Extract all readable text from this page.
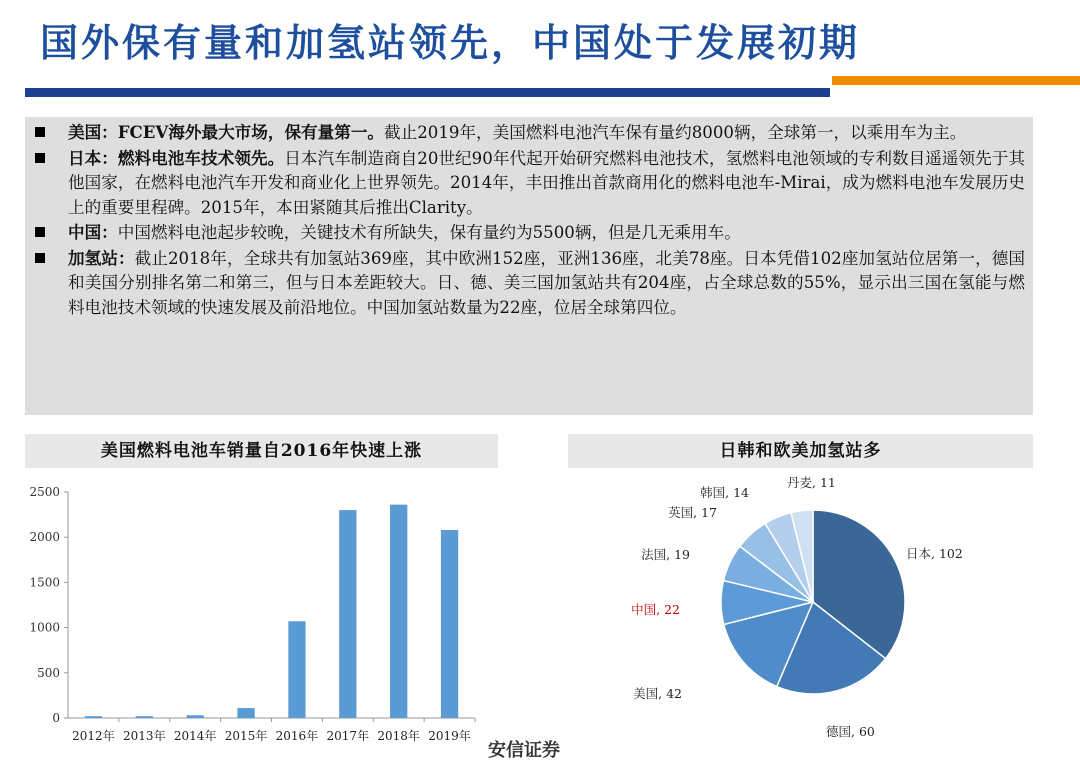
国外保有量和加氢站领先，中国处于发展初期
美国：FCEV海外最大市场，保有量第一。截止2019年，美国燃料电池汽车保有量约8000辆，全球第一，以乘用车为主。
日本：燃料电池车技术领先。日本汽车制造商自20世纪90年代起开始研究燃料电池技术，氢燃料电池领域的专利数目遥遥领先于其他国家，在燃料电池汽车开发和商业化上世界领先。2014年，丰田推出首款商用化的燃料电池车-Mirai，成为燃料电池车发展历史上的重要里程碑。2015年，本田紧随其后推出Clarity。
中国：中国燃料电池起步较晚，关键技术有所缺失，保有量约为5500辆，但是几无乘用车。
加氢站：截止2018年，全球共有加氢站369座，其中欧洲152座，亚洲136座，北美78座。日本凭借102座加氢站位居第一，德国和美国分别排名第二和第三，但与日本差距较大。日、德、美三国加氢站共有204座，占全球总数的55%，显示出三国在氢能与燃料电池技术领域的快速发展及前沿地位。中国加氢站数量为22座，位居全球第四位。
美国燃料电池车销量自2016年快速上涨	日韩和欧美加氢站多
0
500
1000
1500
2000
2500
2012年 2013年 2014年 2015年 2016年 2017年 2018年 2019年
日本, 102
德国, 60
美国, 42
中国, 22
法国, 19
英国, 17
韩国, 14
丹麦, 11
安信证券
